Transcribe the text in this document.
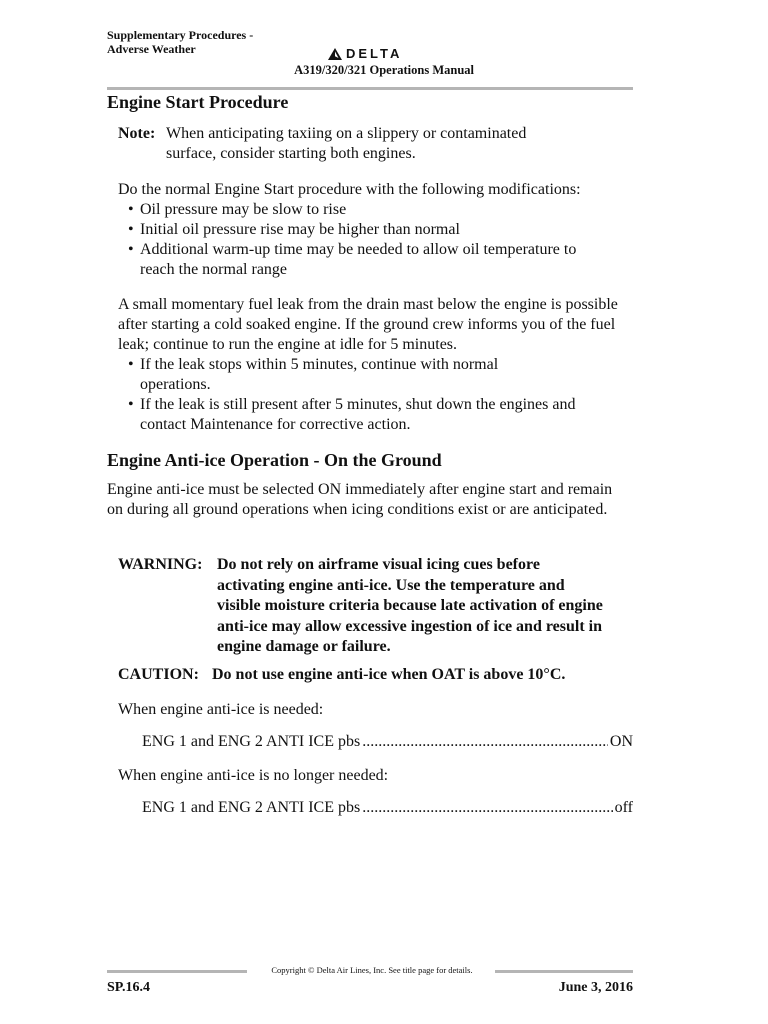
Supplementary Procedures -
Adverse Weather	DELTA
A319/320/321 Operations Manual
Engine Start Procedure
Note: When anticipating taxiing on a slippery or contaminated
surface, consider starting both engines.

Do the normal Engine Start procedure with the following modifications:

• Oil pressure may be slow to rise
• Initial oil pressure rise may be higher than normal
• Additional warm-up time may be needed to allow oil temperature to reach the normal range

A small momentary fuel leak from the drain mast below the engine is possible after starting a cold soaked engine. If the ground crew informs you of the fuel leak; continue to run the engine at idle for 5 minutes.

• If the leak stops within 5 minutes, continue with normal operations.
• If the leak is still present after 5 minutes, shut down the engines and contact Maintenance for corrective action.
Engine Anti-ice Operation - On the Ground
Engine anti-ice must be selected ON immediately after engine start and remain on during all ground operations when icing conditions exist or are anticipated.
WARNING: Do not rely on airframe visual icing cues before
activating engine anti-ice. Use the temperature and visible moisture criteria because late activation of engine anti-ice may allow excessive ingestion of ice and result in engine damage or failure.
CAUTION: Do not use engine anti-ice when OAT is above 10°C.
When engine anti-ice is needed:
ENG 1 and ENG 2 ANTI ICE pbs .....	ON
When engine anti-ice is no longer needed:
ENG 1 and ENG 2 ANTI ICE pbs .....	off
Copyright © Delta Air Lines, Inc. See title page for details.
SP.16.4	June 3, 2016
